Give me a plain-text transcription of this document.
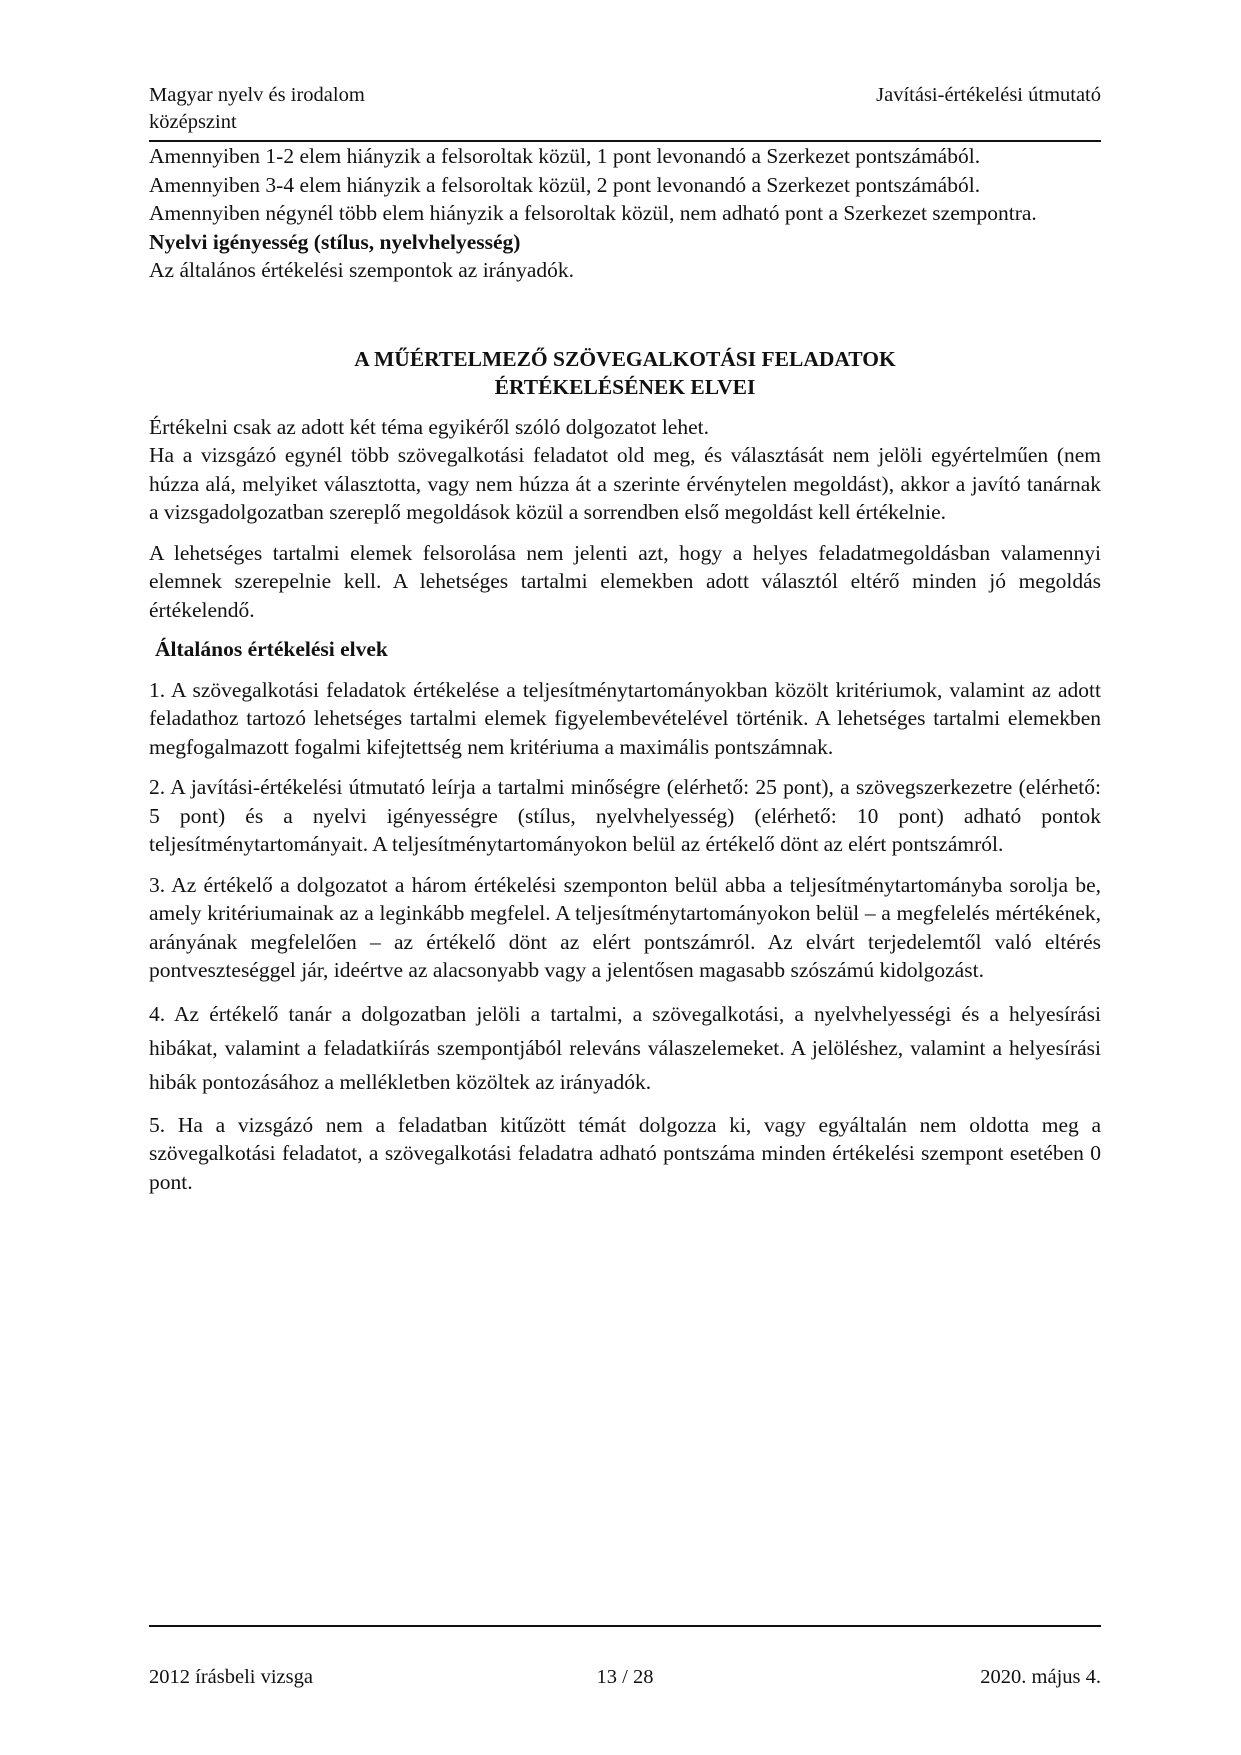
Magyar nyelv és irodalom
középszint
Javítási-értékelési útmutató

Amennyiben 1-2 elem hiányzik a felsoroltak közül, 1 pont levonandó a Szerkezet pontszámából.

Amennyiben 3-4 elem hiányzik a felsoroltak közül, 2 pont levonandó a Szerkezet pontszámából.

Amennyiben négynél több elem hiányzik a felsoroltak közül, nem adható pont a Szerkezet szempontra.

Nyelvi igényesség (stílus, nyelvhelyesség)

Az általános értékelési szempontok az irányadók.

A MŰÉRTELMEZŐ SZÖVEGALKOTÁSI FELADATOK
ÉRTÉKELÉSÉNEK ELVEI

Értékelni csak az adott két téma egyikéről szóló dolgozatot lehet.

Ha a vizsgázó egynél több szövegalkotási feladatot old meg, és választását nem jelöli egyértelműen (nem húzza alá, melyiket választotta, vagy nem húzza át a szerinte érvénytelen megoldást), akkor a javító tanárnak a vizsgadolgozatban szereplő megoldások közül a sorrendben első megoldást kell értékelnie.

A lehetséges tartalmi elemek felsorolása nem jelenti azt, hogy a helyes feladatmegoldásban valamennyi elemnek szerepelnie kell. A lehetséges tartalmi elemekben adott választól eltérő minden jó megoldás értékelendő.

Általános értékelési elvek

1. A szövegalkotási feladatok értékelése a teljesítménytartományokban közölt kritériumok, valamint az adott feladathoz tartozó lehetséges tartalmi elemek figyelembevételével történik. A lehetséges tartalmi elemekben megfogalmazott fogalmi kifejtettség nem kritériuma a maximális pontszámnak.

2. A javítási-értékelési útmutató leírja a tartalmi minőségre (elérhető: 25 pont), a szövegszerkezetre (elérhető: 5 pont) és a nyelvi igényességre (stílus, nyelvhelyesség) (elérhető: 10 pont) adható pontok teljesítménytartományait. A teljesítménytartományokon belül az értékelő dönt az elért pontszámról.

3. Az értékelő a dolgozatot a három értékelési szemponton belül abba a teljesítménytartományba sorolja be, amely kritériumainak az a leginkább megfelel. A teljesítménytartományokon belül – a megfelelés mértékének, arányának megfelelően – az értékelő dönt az elért pontszámról. Az elvárt terjedelemtől való eltérés pontveszteséggel jár, ideértve az alacsonyabb vagy a jelentősen magasabb szószámú kidolgozást.

4. Az értékelő tanár a dolgozatban jelöli a tartalmi, a szövegalkotási, a nyelvhelyességi és a helyesírási hibákat, valamint a feladatkiírás szempontjából releváns válaszelemeket. A jelöléshez, valamint a helyesírási hibák pontozásához a mellékletben közöltek az irányadók.

5. Ha a vizsgázó nem a feladatban kitűzött témát dolgozza ki, vagy egyáltalán nem oldotta meg a szövegalkotási feladatot, a szövegalkotási feladatra adható pontszáma minden értékelési szempont esetében 0 pont.

2012 írásbeli vizsga	13 / 28	2020. május 4.
